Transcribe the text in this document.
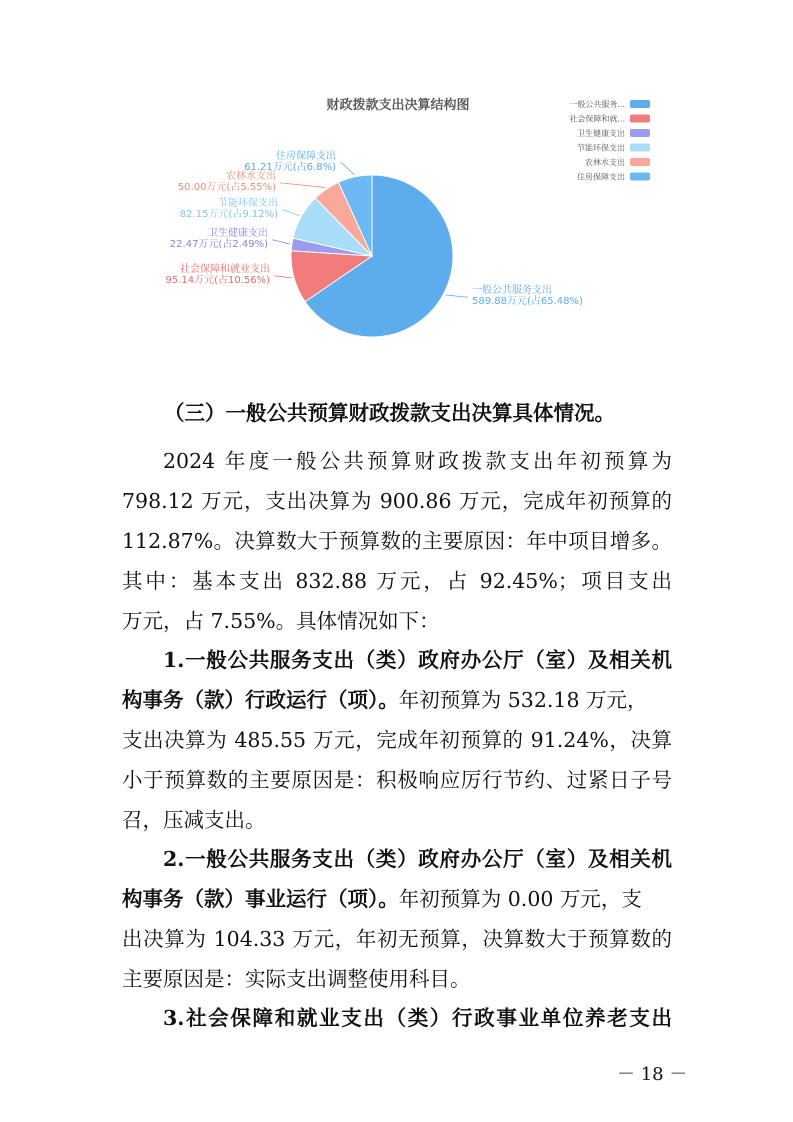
财政拨款支出决算结构图
一般公共服务支出
589.88万元(占65.48%)
社会保障和就业支出
95.14万元(占10.56%)
卫生健康支出
22.47万元(占2.49%)
节能环保支出
82.15万元(占9.12%)
农林水支出
50.00万元(占5.55%)
住房保障支出
61.21万元(占6.8%)
一般公共服务...
社会保障和就...
卫生健康支出
节能环保支出
农林水支出
住房保障支出

（三）一般公共预算财政拨款支出决算具体情况。

2024 年度一般公共预算财政拨款支出年初预算为
798.12 万元，支出决算为 900.86 万元，完成年初预算的
112.87%。决算数大于预算数的主要原因：年中项目增多。
其中：基本支出 832.88 万元，占 92.45%；项目支出
万元，占 7.55%。具体情况如下：
1.一般公共服务支出（类）政府办公厅（室）及相关机
构事务（款）行政运行（项）。年初预算为 532.18 万元，
支出决算为 485.55 万元，完成年初预算的 91.24%，决算
小于预算数的主要原因是：积极响应厉行节约、过紧日子号
召，压减支出。
2.一般公共服务支出（类）政府办公厅（室）及相关机
构事务（款）事业运行（项）。年初预算为 0.00 万元，支
出决算为 104.33 万元，年初无预算，决算数大于预算数的
主要原因是：实际支出调整使用科目。
3.社会保障和就业支出（类）行政事业单位养老支出
－ 18 －
